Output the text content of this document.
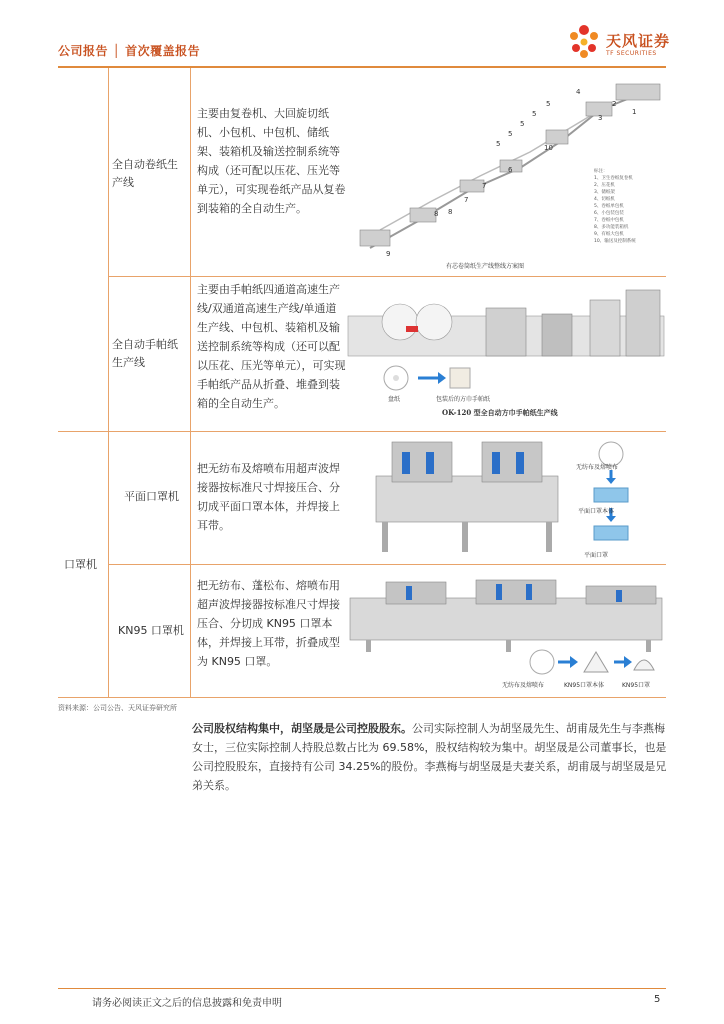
公司报告 │ 首次覆盖报告
天风证券
TF SECURITIES
全自动卷纸生产线
主要由复卷机、大回旋切纸机、小包机、中包机、储纸架、装箱机及输送控制系统等构成（还可配以压花、压光等单元），可实现卷纸产品从复卷到装箱的全自动生产。
1
2
3
4
5
5
5
5
5
6
7
7
8
8
9
10
标注：
1、卫生卷纸复卷机
2、压花机
3、储纸架
4、切纸机
5、卷纸单包机
6、小包装包装
7、卷纸中包机
8、多功能装箱机
9、有纸大包机
10、输送及控制系统
有芯卷筒纸生产线整线方案图
全自动手帕纸生产线
主要由手帕纸四通道高速生产线/双通道高速生产线/单通道生产线、中包机、装箱机及输送控制系统等构成（还可以配以压花、压光等单元），可实现手帕纸产品从折叠、堆叠到装箱的全自动生产。	盘纸	包装后的方巾手帕纸
OK-120 型全自动方巾手帕纸生产线
口罩机
平面口罩机
把无纺布及熔喷布用超声波焊接器按标准尺寸焊接压合、分切成平面口罩本体，并焊接上耳带。
无纺布及熔喷布
平面口罩本体
平面口罩
KN95 口罩机
把无纺布、蓬松布、熔喷布用超声波焊接器按标准尺寸焊接压合、分切成 KN95 口罩本体，并焊接上耳带，折叠成型为 KN95 口罩。
无纺布及熔喷布	KN95口罩本体	KN95口罩
资料来源：公司公告、天风证券研究所
公司股权结构集中，胡坚晟是公司控股股东。公司实际控制人为胡坚晟先生、胡甫晟先生与李燕梅女士，三位实际控制人持股总数占比为 69.58%，股权结构较为集中。胡坚晟是公司董事长，也是公司控股股东，直接持有公司 34.25%的股份。李燕梅与胡坚晟是夫妻关系，胡甫晟与胡坚晟是兄弟关系。
请务必阅读正文之后的信息披露和免责申明	5
